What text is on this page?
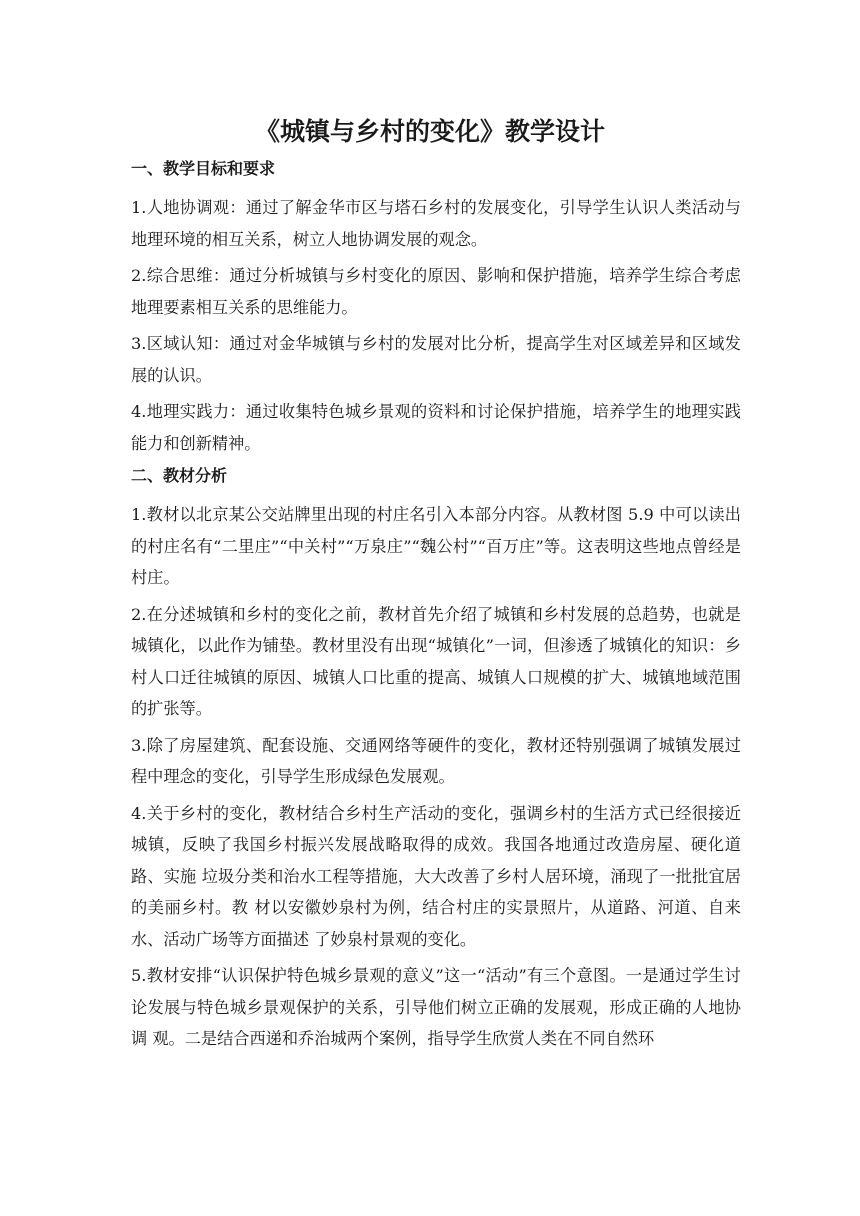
《城镇与乡村的变化》教学设计
一、教学目标和要求

1.人地协调观：通过了解金华市区与塔石乡村的发展变化，引导学生认识人类活动与地理环境的相互关系，树立人地协调发展的观念。

2.综合思维：通过分析城镇与乡村变化的原因、影响和保护措施，培养学生综合考虑地理要素相互关系的思维能力。

3.区域认知：通过对金华城镇与乡村的发展对比分析，提高学生对区域差异和区域发展的认识。

4.地理实践力：通过收集特色城乡景观的资料和讨论保护措施，培养学生的地理实践能力和创新精神。

二、教材分析

1.教材以北京某公交站牌里出现的村庄名引入本部分内容。从教材图 5.9 中可以读出的村庄名有“二里庄”“中关村”“万泉庄”“魏公村”“百万庄”等。这表明这些地点曾经是村庄。

2.在分述城镇和乡村的变化之前，教材首先介绍了城镇和乡村发展的总趋势，也就是城镇化，以此作为铺垫。教材里没有出现“城镇化”一词，但渗透了城镇化的知识：乡村人口迁往城镇的原因、城镇人口比重的提高、城镇人口规模的扩大、城镇地域范围的扩张等。

3.除了房屋建筑、配套设施、交通网络等硬件的变化，教材还特别强调了城镇发展过程中理念的变化，引导学生形成绿色发展观。

4.关于乡村的变化，教材结合乡村生产活动的变化，强调乡村的生活方式已经很接近城镇，反映了我国乡村振兴发展战略取得的成效。我国各地通过改造房屋、硬化道路、实施 垃圾分类和治水工程等措施，大大改善了乡村人居环境，涌现了一批批宜居的美丽乡村。教 材以安徽妙泉村为例，结合村庄的实景照片，从道路、河道、自来水、活动广场等方面描述 了妙泉村景观的变化。

5.教材安排“认识保护特色城乡景观的意义”这一“活动”有三个意图。一是通过学生讨论发展与特色城乡景观保护的关系，引导他们树立正确的发展观，形成正确的人地协调 观。二是结合西递和乔治城两个案例，指导学生欣赏人类在不同自然环
